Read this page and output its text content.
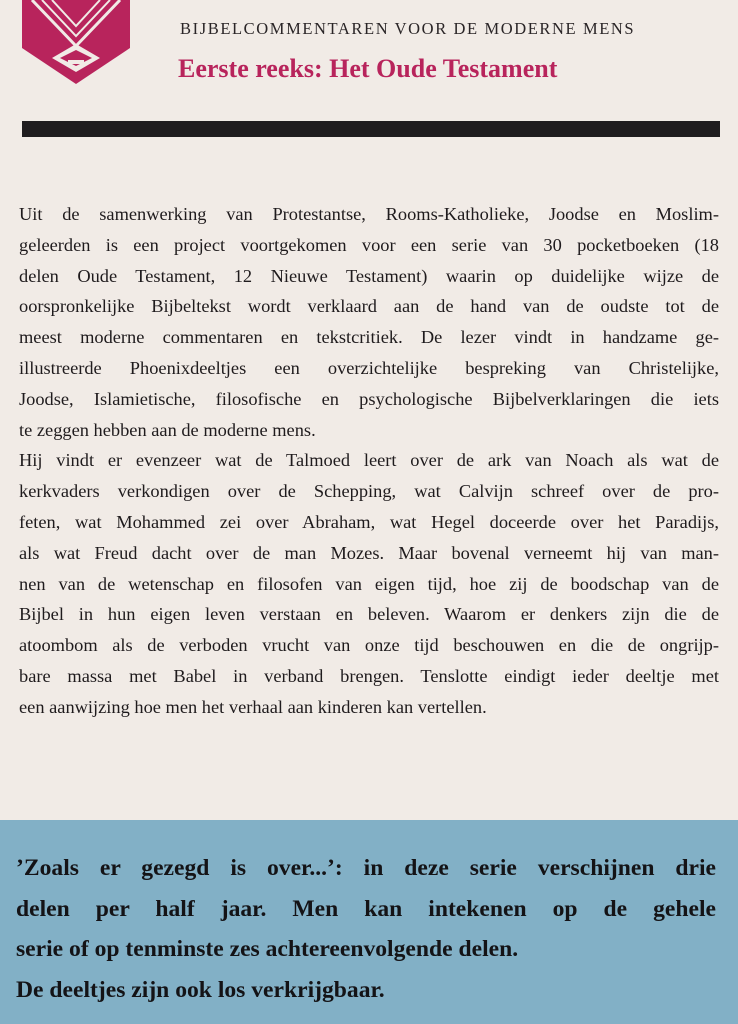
BIJBELCOMMENTAREN VOOR DE MODERNE MENS
Eerste reeks: Het Oude Testament
Uit de samenwerking van Protestantse, Rooms-Katholieke, Joodse en Moslim-
geleerden is een project voortgekomen voor een serie van 30 pocketboeken (18
delen Oude Testament, 12 Nieuwe Testament) waarin op duidelijke wijze de
oorspronkelijke Bijbeltekst wordt verklaard aan de hand van de oudste tot de
meest moderne commentaren en tekstcritiek. De lezer vindt in handzame ge-
illustreerde Phoenixdeeltjes een overzichtelijke bespreking van Christelijke,
Joodse, Islamietische, filosofische en psychologische Bijbelverklaringen die iets
te zeggen hebben aan de moderne mens.
Hij vindt er evenzeer wat de Talmoed leert over de ark van Noach als wat de
kerkvaders verkondigen over de Schepping, wat Calvijn schreef over de pro-
feten, wat Mohammed zei over Abraham, wat Hegel doceerde over het Paradijs,
als wat Freud dacht over de man Mozes. Maar bovenal verneemt hij van man-
nen van de wetenschap en filosofen van eigen tijd, hoe zij de boodschap van de
Bijbel in hun eigen leven verstaan en beleven. Waarom er denkers zijn die de
atoombom als de verboden vrucht van onze tijd beschouwen en die de ongrijp-
bare massa met Babel in verband brengen. Tenslotte eindigt ieder deeltje met
een aanwijzing hoe men het verhaal aan kinderen kan vertellen.
’Zoals er gezegd is over...’: in deze serie verschijnen drie
delen per half jaar. Men kan intekenen op de gehele
serie of op tenminste zes achtereenvolgende delen.
De deeltjes zijn ook los verkrijgbaar.
